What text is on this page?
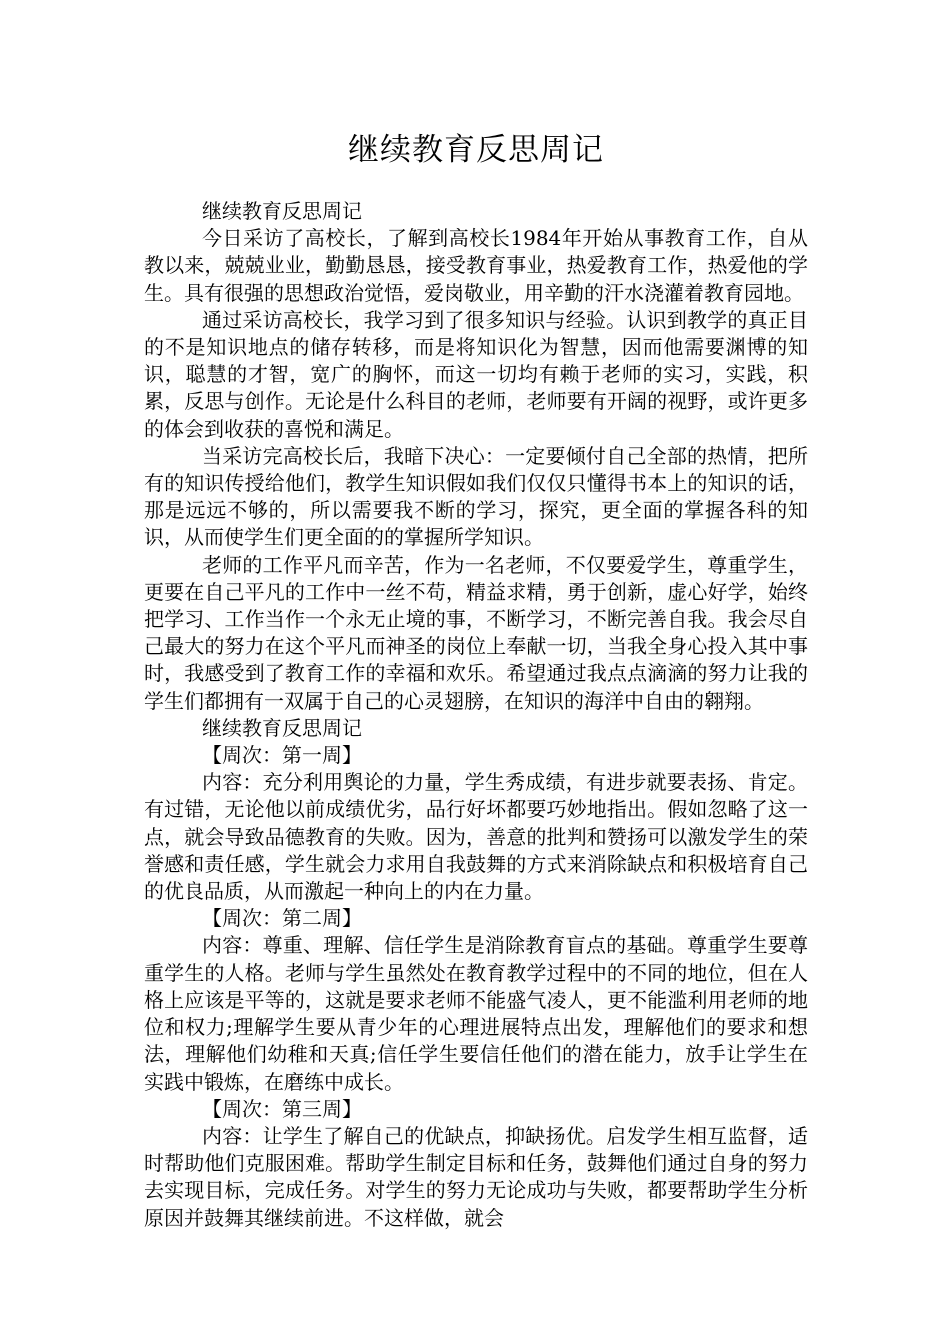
继续教育反思周记

继续教育反思周记

今日采访了高校长，了解到高校长1984年开始从事教育工作，自从教以来，兢兢业业，勤勤恳恳，接受教育事业，热爱教育工作，热爱他的学生。具有很强的思想政治觉悟，爱岗敬业，用辛勤的汗水浇灌着教育园地。

通过采访高校长，我学习到了很多知识与经验。认识到教学的真正目的不是知识地点的储存转移，而是将知识化为智慧，因而他需要渊博的知识，聪慧的才智，宽广的胸怀，而这一切均有赖于老师的实习，实践，积累，反思与创作。无论是什么科目的老师，老师要有开阔的视野，或许更多的体会到收获的喜悦和满足。

当采访完高校长后，我暗下决心：一定要倾付自己全部的热情，把所有的知识传授给他们，教学生知识假如我们仅仅只懂得书本上的知识的话，那是远远不够的，所以需要我不断的学习，探究，更全面的掌握各科的知识，从而使学生们更全面的的掌握所学知识。

老师的工作平凡而辛苦，作为一名老师，不仅要爱学生，尊重学生，更要在自己平凡的工作中一丝不苟，精益求精，勇于创新，虚心好学，始终把学习、工作当作一个永无止境的事，不断学习，不断完善自我。我会尽自己最大的努力在这个平凡而神圣的岗位上奉献一切，当我全身心投入其中事时，我感受到了教育工作的幸福和欢乐。希望通过我点点滴滴的努力让我的学生们都拥有一双属于自己的心灵翅膀，在知识的海洋中自由的翱翔。

继续教育反思周记

【周次：第一周】

内容：充分利用舆论的力量，学生秀成绩，有进步就要表扬、肯定。有过错，无论他以前成绩优劣，品行好坏都要巧妙地指出。假如忽略了这一点，就会导致品德教育的失败。因为，善意的批判和赞扬可以激发学生的荣誉感和责任感，学生就会力求用自我鼓舞的方式来消除缺点和积极培育自己的优良品质，从而激起一种向上的内在力量。

【周次：第二周】

内容：尊重、理解、信任学生是消除教育盲点的基础。尊重学生要尊重学生的人格。老师与学生虽然处在教育教学过程中的不同的地位，但在人格上应该是平等的，这就是要求老师不能盛气凌人，更不能滥利用老师的地位和权力;理解学生要从青少年的心理进展特点出发，理解他们的要求和想法，理解他们幼稚和天真;信任学生要信任他们的潜在能力，放手让学生在实践中锻炼，在磨练中成长。

【周次：第三周】

内容：让学生了解自己的优缺点，抑缺扬优。启发学生相互监督，适时帮助他们克服困难。帮助学生制定目标和任务，鼓舞他们通过自身的努力去实现目标，完成任务。对学生的努力无论成功与失败，都要帮助学生分析原因并鼓舞其继续前进。不这样做，就会
